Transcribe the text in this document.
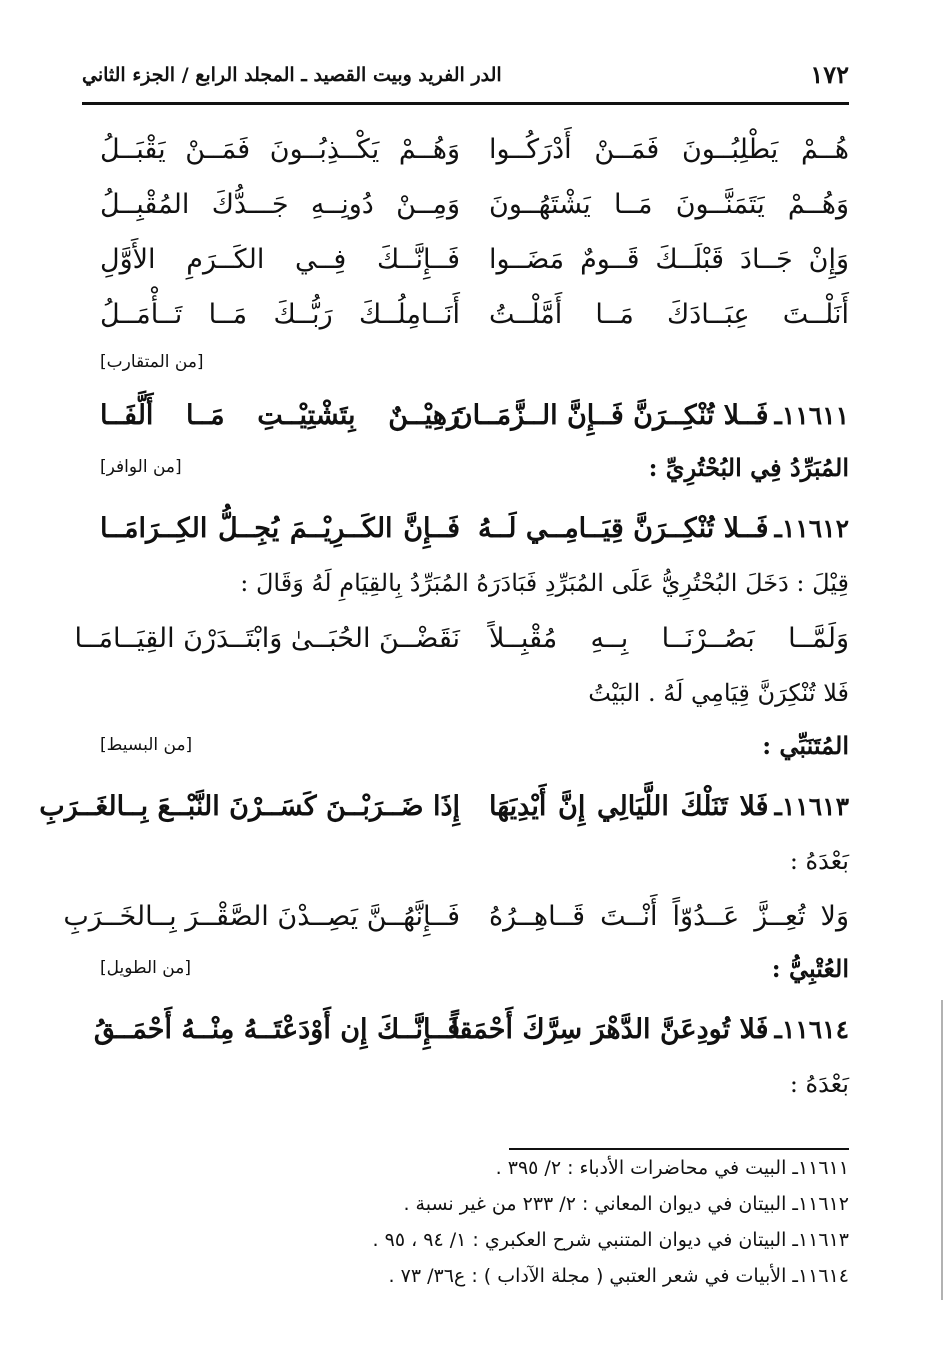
١٧٢
الدر الفريد وبيت القصيد ـ المجلد الرابع / الجزء الثاني
هُــمْ يَطْلِبُــونَ فَمَــنْ أَدْرَكُــوا
وَهُــمْ يَكْــذِبُــونَ فَمَــنْ يَقْبَــلُ
وَهُــمْ يَتَمَنَّــونَ مَــا يَشْتَهُــونَ
وَمِــنْ دُونِــهِ جَـــدُّكَ المُقْبِــلُ
وَإِنْ جَــادَ قَبْلَــكَ قَــومٌ مَضَــوا
فَــإِنَّــكَ فِــي الكَــرَمِ الأَوَّلِ
أَنَلْــتَ عِبَــادَكَ مَــا أَمَّلْــتُ
أَنَــامِلُــكَ رَبُّــكَ مَــا تَــأْمَــلُ
[من المتقارب]
١١٦١١ـ
فَــلا تُنْكِــرَنَّ فَــإِنَّ الــزَّمَــانَ
رَهِيْــنٌ بِتَشْتِيْــتِ مَــا أَلَّفَــا
المُبَرِّدُ فِي البُحْتُرِيِّ :
[من الوافر]
١١٦١٢ـ
فَــلا تُنْكِــرَنَّ قِيَــامِــي لَــهُ
فَــإِنَّ الكَــرِيْــمَ يُجِــلُّ الكِــرَامَــا
قِيْلَ : دَخَلَ البُحْتُرِيُّ عَلَى المُبَرِّدِ فَبَادَرَهُ المُبَرِّدُ بِالقِيَامِ لَهُ وَقَالَ :
وَلَمَّــا بَصُــرْنَــا بِــهِ مُقْبِــلاً
نَقَضْــنَ الحُبَــىٰ وَابْتَــدَرْنَ القِيَــامَــا
فَلا تُنْكِرَنَّ قِيَامِي لَهُ . البَيْتُ
المُتَنَبِّي :
[من البسيط]
١١٦١٣ـ
فَلا تَنَلْكَ اللَّيَالِي إِنَّ أَيْدِيَهَا
إِذَا ضَــرَبْــنَ كَسَــرْنَ النَّبْــعَ بِــالغَــرَبِ
بَعْدَهُ :
وَلا تُعِــزَّ عَــدُوّاً أَنْــتَ قَــاهِــرُهُ
فَــإِنَّهُــنَّ يَصِــدْنَ الصَّقْــرَ بِــالخَــرَبِ
العُتْبِيُّ :
[من الطويل]
١١٦١٤ـ
فَلا تُودِعَنَّ الدَّهْرَ سِرَّكَ أَحْمَقاً
فَــإِنَّــكَ إِن أَوْدَعْتَــهُ مِنْــهُ أَحْمَــقُ
بَعْدَهُ :
١١٦١١ـ البيت في محاضرات الأدباء : ٢/ ٣٩٥ .
١١٦١٢ـ البيتان في ديوان المعاني : ٢/ ٢٣٣ من غير نسبة .
١١٦١٣ـ البيتان في ديوان المتنبي شرح العكبري : ١/ ٩٤ ، ٩٥ .
١١٦١٤ـ الأبيات في شعر العتبي ( مجلة الآداب ) : ع٣٦/ ٧٣ .
